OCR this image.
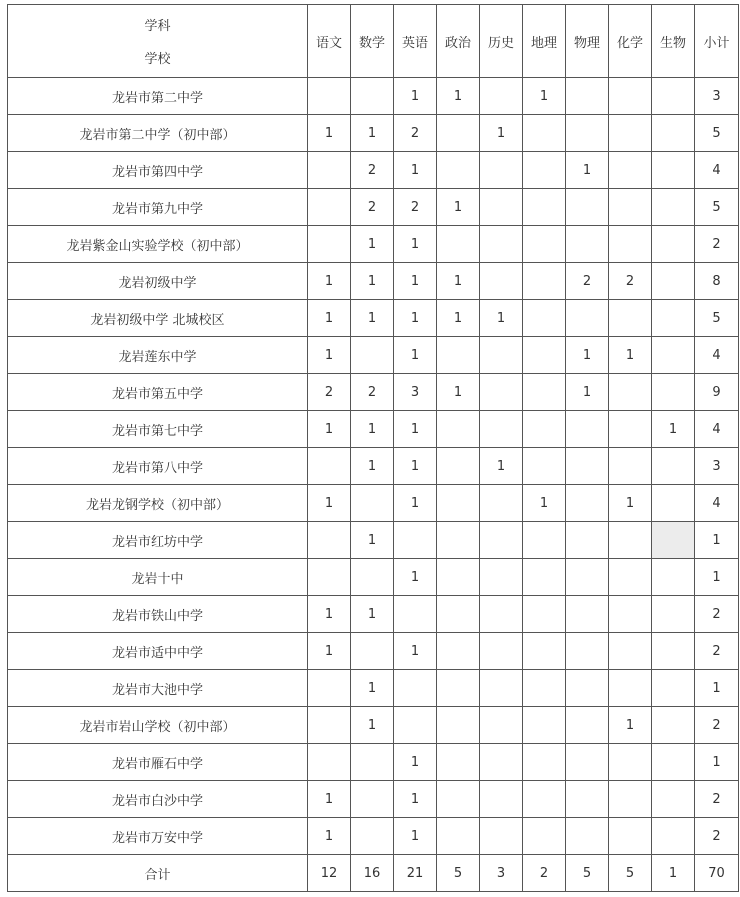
学科
学校	语文	数学	英语	政治	历史	地理	物理	化学	生物	小计
龙岩市第二中学			1	1		1				3
龙岩市第二中学（初中部）	1	1	2		1					5
龙岩市第四中学		2	1				1			4
龙岩市第九中学		2	2	1						5
龙岩紫金山实验学校（初中部）		1	1							2
龙岩初级中学	1	1	1	1			2	2		8
龙岩初级中学 北城校区	1	1	1	1	1					5
龙岩莲东中学	1		1				1	1		4
龙岩市第五中学	2	2	3	1			1			9
龙岩市第七中学	1	1	1						1	4
龙岩市第八中学		1	1		1					3
龙岩龙钢学校（初中部）	1		1			1		1		4
龙岩市红坊中学		1								1
龙岩十中			1							1
龙岩市铁山中学	1	1								2
龙岩市适中中学	1		1							2
龙岩市大池中学		1								1
龙岩市岩山学校（初中部）		1						1		2
龙岩市雁石中学			1							1
龙岩市白沙中学	1		1							2
龙岩市万安中学	1		1							2
合计	12	16	21	5	3	2	5	5	1	70
